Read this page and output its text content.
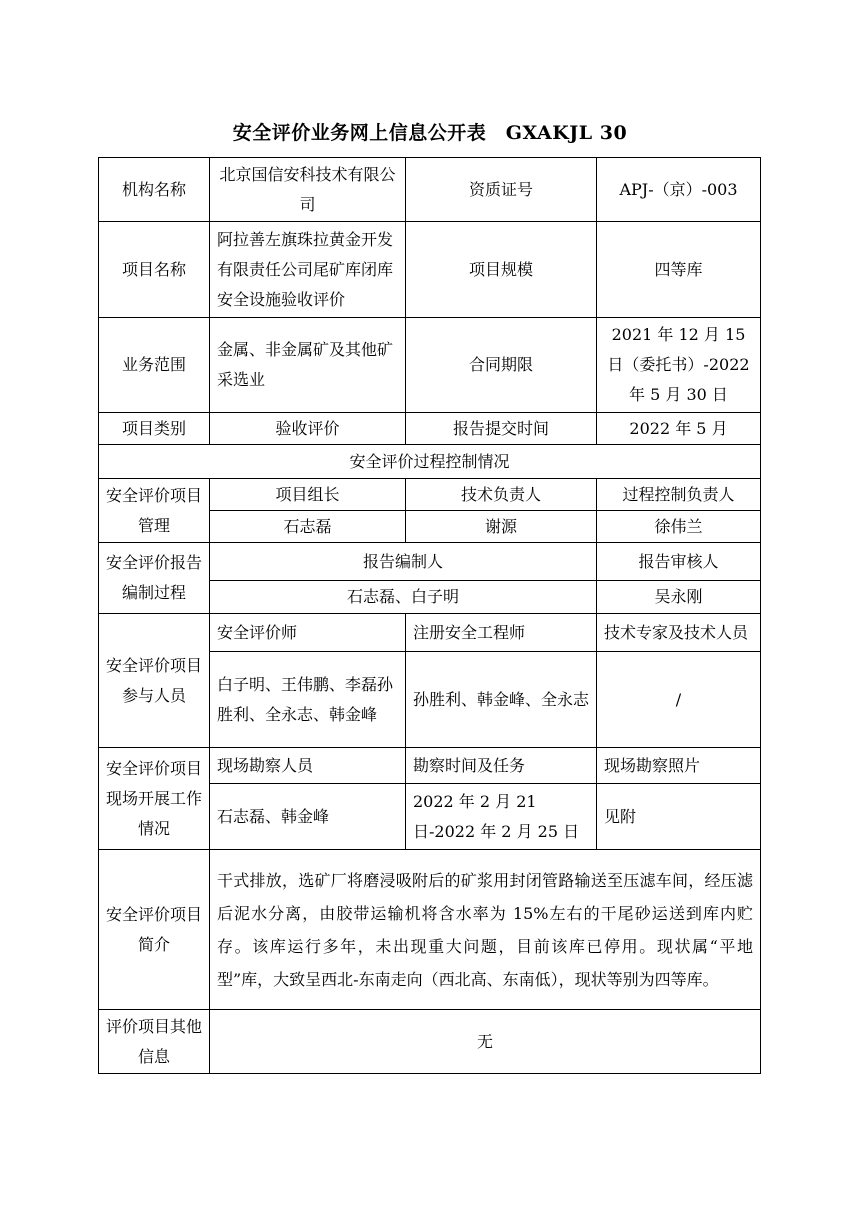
安全评价业务网上信息公开表　GXAKJL 30
机构名称	北京国信安科技术有限公司	资质证号	APJ-（京）-003
项目名称	阿拉善左旗珠拉黄金开发有限责任公司尾矿库闭库安全设施验收评价	项目规模	四等库
业务范围	金属、非金属矿及其他矿采选业	合同期限	2021 年 12 月 15 日（委托书）-2022 年 5 月 30 日
项目类别	验收评价	报告提交时间	2022 年 5 月
安全评价过程控制情况			
安全评价项目管理	项目组长	技术负责人	过程控制负责人
	石志磊	谢源	徐伟兰
安全评价报告编制过程	报告编制人		报告审核人
	石志磊、白子明		吴永刚
安全评价项目参与人员	安全评价师	注册安全工程师	技术专家及技术人员
	白子明、王伟鹏、李磊孙胜利、全永志、韩金峰	孙胜利、韩金峰、全永志	/
安全评价项目现场开展工作情况	现场勘察人员	勘察时间及任务	现场勘察照片
	石志磊、韩金峰	2022 年 2 月 21 日-2022 年 2 月 25 日	见附
安全评价项目简介	干式排放，选矿厂将磨浸吸附后的矿浆用封闭管路输送至压滤车间，经压滤后泥水分离，由胶带运输机将含水率为 15%左右的干尾砂运送到库内贮存。该库运行多年，未出现重大问题，目前该库已停用。现状属“平地型”库，大致呈西北-东南走向（西北高、东南低），现状等别为四等库。		
评价项目其他信息	无		
